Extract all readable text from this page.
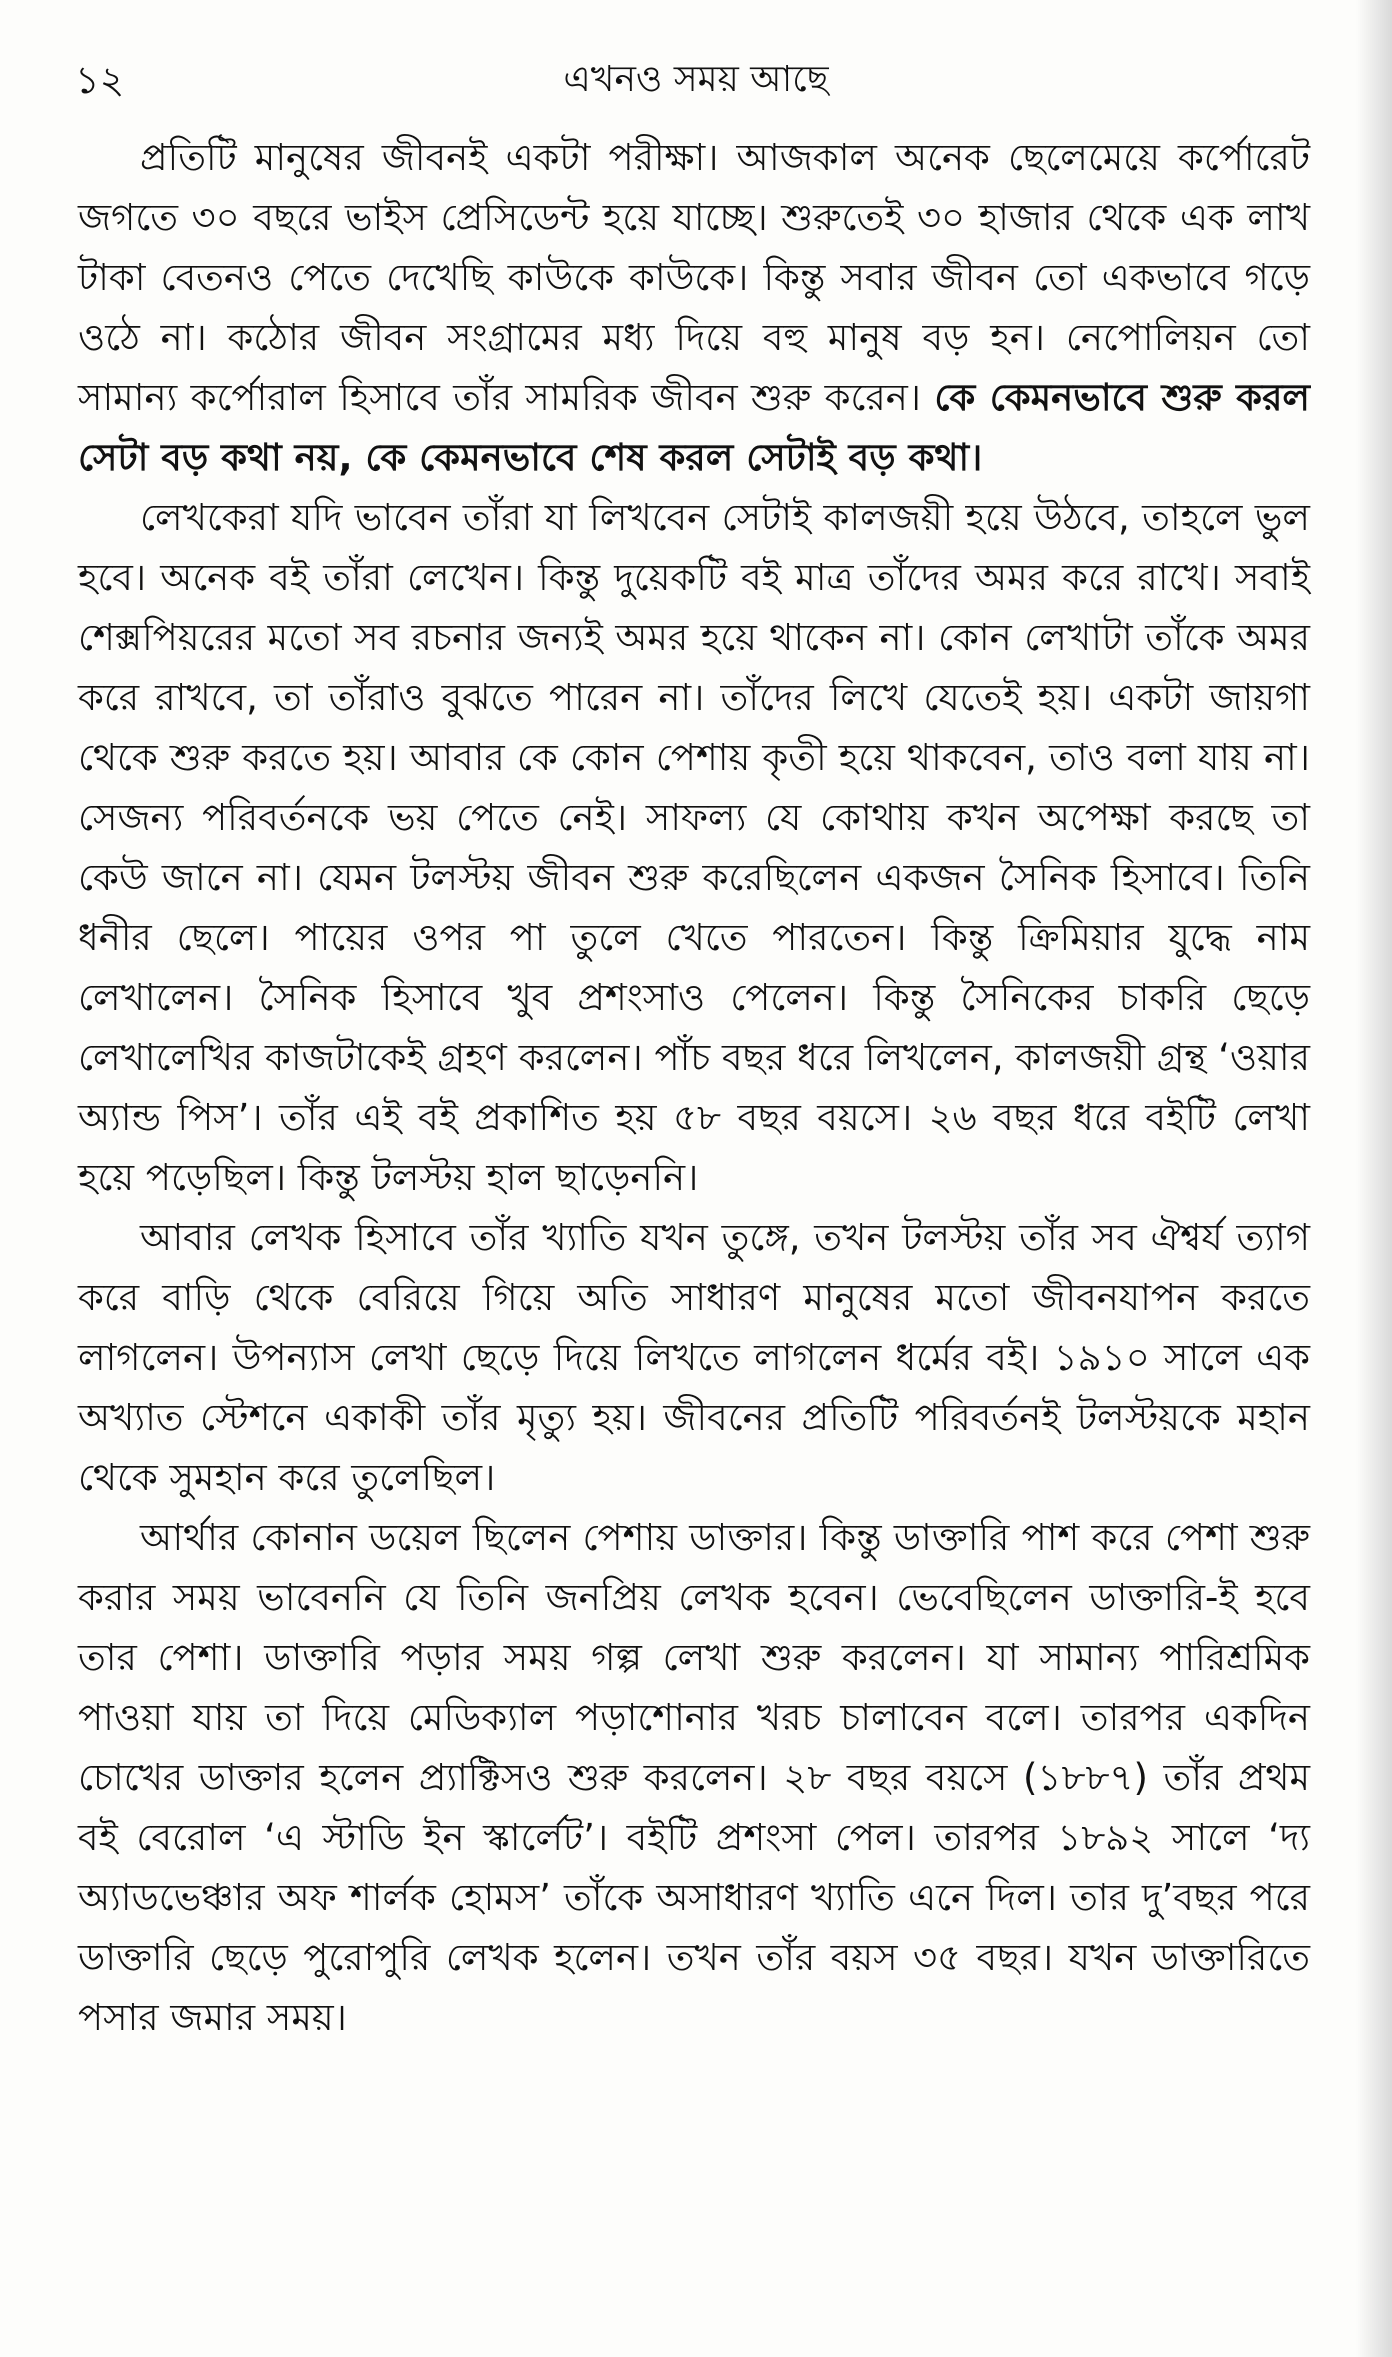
১২	এখনও সময় আছে

প্রতিটি মানুষের জীবনই একটা পরীক্ষা। আজকাল অনেক ছেলেমেয়ে কর্পোরেট জগতে ৩০ বছরে ভাইস প্রেসিডেন্ট হয়ে যাচ্ছে। শুরুতেই ৩০ হাজার থেকে এক লাখ টাকা বেতনও পেতে দেখেছি কাউকে কাউকে। কিন্তু সবার জীবন তো একভাবে গড়ে ওঠে না। কঠোর জীবন সংগ্রামের মধ্য দিয়ে বহু মানুষ বড় হন। নেপোলিয়ন তো সামান্য কর্পোরাল হিসাবে তাঁর সামরিক জীবন শুরু করেন। কে কেমনভাবে শুরু করল সেটা বড় কথা নয়, কে কেমনভাবে শেষ করল সেটাই বড় কথা।

লেখকেরা যদি ভাবেন তাঁরা যা লিখবেন সেটাই কালজয়ী হয়ে উঠবে, তাহলে ভুল হবে। অনেক বই তাঁরা লেখেন। কিন্তু দুয়েকটি বই মাত্র তাঁদের অমর করে রাখে। সবাই শেক্সপিয়রের মতো সব রচনার জন্যই অমর হয়ে থাকেন না। কোন লেখাটা তাঁকে অমর করে রাখবে, তা তাঁরাও বুঝতে পারেন না। তাঁদের লিখে যেতেই হয়। একটা জায়গা থেকে শুরু করতে হয়। আবার কে কোন পেশায় কৃতী হয়ে থাকবেন, তাও বলা যায় না। সেজন্য পরিবর্তনকে ভয় পেতে নেই। সাফল্য যে কোথায় কখন অপেক্ষা করছে তা কেউ জানে না। যেমন টলস্টয় জীবন শুরু করেছিলেন একজন সৈনিক হিসাবে। তিনি ধনীর ছেলে। পায়ের ওপর পা তুলে খেতে পারতেন। কিন্তু ক্রিমিয়ার যুদ্ধে নাম লেখালেন। সৈনিক হিসাবে খুব প্রশংসাও পেলেন। কিন্তু সৈনিকের চাকরি ছেড়ে লেখালেখির কাজটাকেই গ্রহণ করলেন। পাঁচ বছর ধরে লিখলেন, কালজয়ী গ্রন্থ ‘ওয়ার অ্যান্ড পিস’। তাঁর এই বই প্রকাশিত হয় ৫৮ বছর বয়সে। ২৬ বছর ধরে বইটি লেখা হয়ে পড়েছিল। কিন্তু টলস্টয় হাল ছাড়েননি।

আবার লেখক হিসাবে তাঁর খ্যাতি যখন তুঙ্গে, তখন টলস্টয় তাঁর সব ঐশ্বর্য ত্যাগ করে বাড়ি থেকে বেরিয়ে গিয়ে অতি সাধারণ মানুষের মতো জীবনযাপন করতে লাগলেন। উপন্যাস লেখা ছেড়ে দিয়ে লিখতে লাগলেন ধর্মের বই। ১৯১০ সালে এক অখ্যাত স্টেশনে একাকী তাঁর মৃত্যু হয়। জীবনের প্রতিটি পরিবর্তনই টলস্টয়কে মহান থেকে সুমহান করে তুলেছিল।

আর্থার কোনান ডয়েল ছিলেন পেশায় ডাক্তার। কিন্তু ডাক্তারি পাশ করে পেশা শুরু করার সময় ভাবেননি যে তিনি জনপ্রিয় লেখক হবেন। ভেবেছিলেন ডাক্তারি-ই হবে তার পেশা। ডাক্তারি পড়ার সময় গল্প লেখা শুরু করলেন। যা সামান্য পারিশ্রমিক পাওয়া যায় তা দিয়ে মেডিক্যাল পড়াশোনার খরচ চালাবেন বলে। তারপর একদিন চোখের ডাক্তার হলেন প্র্যাক্টিসও শুরু করলেন। ২৮ বছর বয়সে (১৮৮৭) তাঁর প্রথম বই বেরোল ‘এ স্টাডি ইন স্কার্লেট’। বইটি প্রশংসা পেল। তারপর ১৮৯২ সালে ‘দ্য অ্যাডভেঞ্চার অফ শার্লক হোমস’ তাঁকে অসাধারণ খ্যাতি এনে দিল। তার দু’বছর পরে ডাক্তারি ছেড়ে পুরোপুরি লেখক হলেন। তখন তাঁর বয়স ৩৫ বছর। যখন ডাক্তারিতে পসার জমার সময়।
